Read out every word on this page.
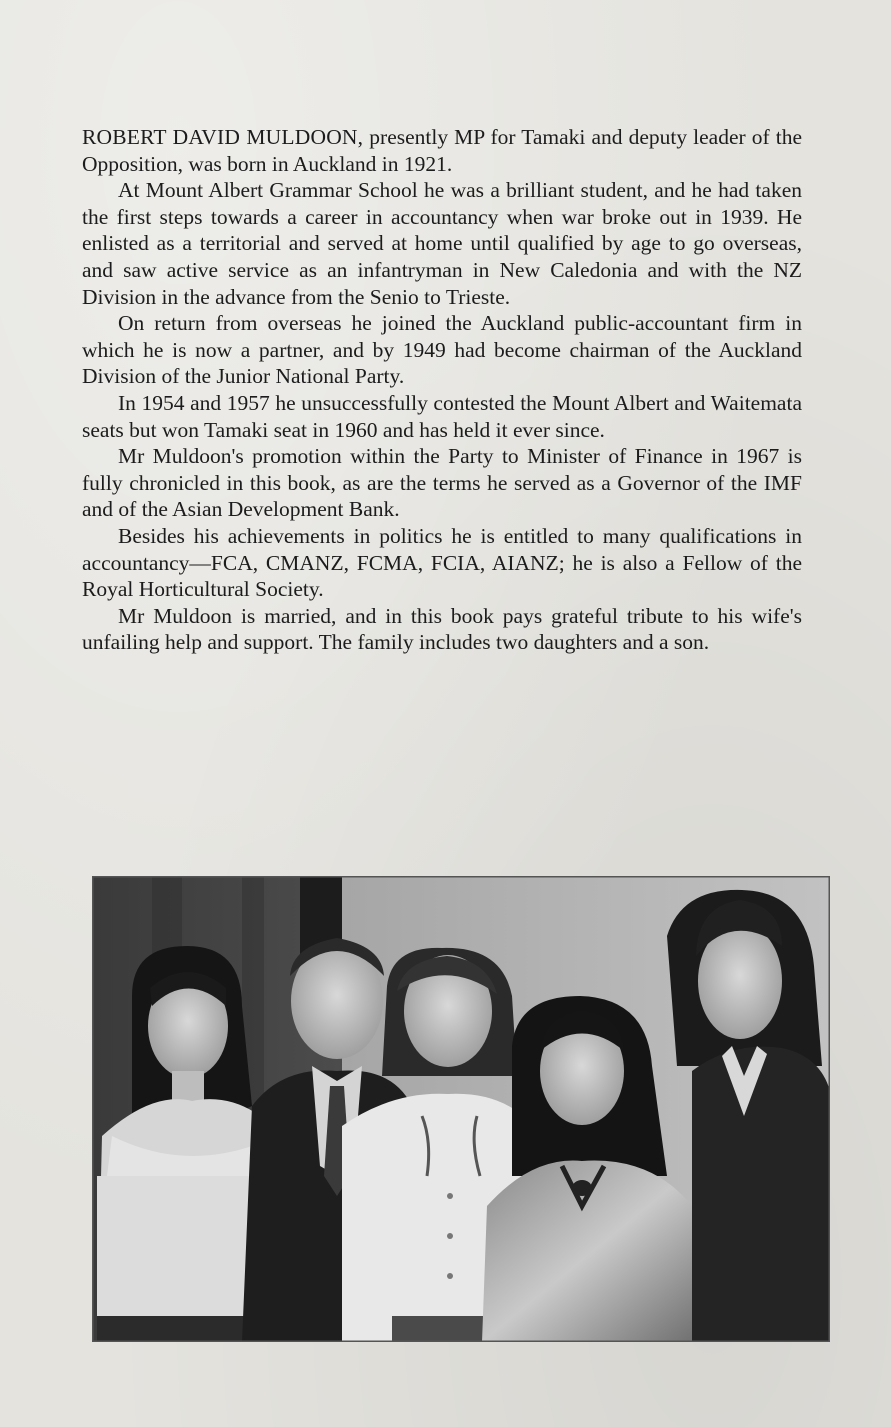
ROBERT DAVID MULDOON, presently MP for Tamaki and deputy leader of the Opposition, was born in Auckland in 1921.

At Mount Albert Grammar School he was a brilliant student, and he had taken the first steps towards a career in accountancy when war broke out in 1939. He enlisted as a territorial and served at home until qualified by age to go overseas, and saw active service as an infantryman in New Caledonia and with the NZ Division in the advance from the Senio to Trieste.

On return from overseas he joined the Auckland public-accountant firm in which he is now a partner, and by 1949 had become chairman of the Auckland Division of the Junior National Party.

In 1954 and 1957 he unsuccessfully contested the Mount Albert and Waitemata seats but won Tamaki seat in 1960 and has held it ever since.

Mr Muldoon's promotion within the Party to Minister of Finance in 1967 is fully chronicled in this book, as are the terms he served as a Governor of the IMF and of the Asian Development Bank.

Besides his achievements in politics he is entitled to many qualifications in accountancy—FCA, CMANZ, FCMA, FCIA, AIANZ; he is also a Fellow of the Royal Horticultural Society.

Mr Muldoon is married, and in this book pays grateful tribute to his wife's unfailing help and support. The family includes two daughters and a son.
